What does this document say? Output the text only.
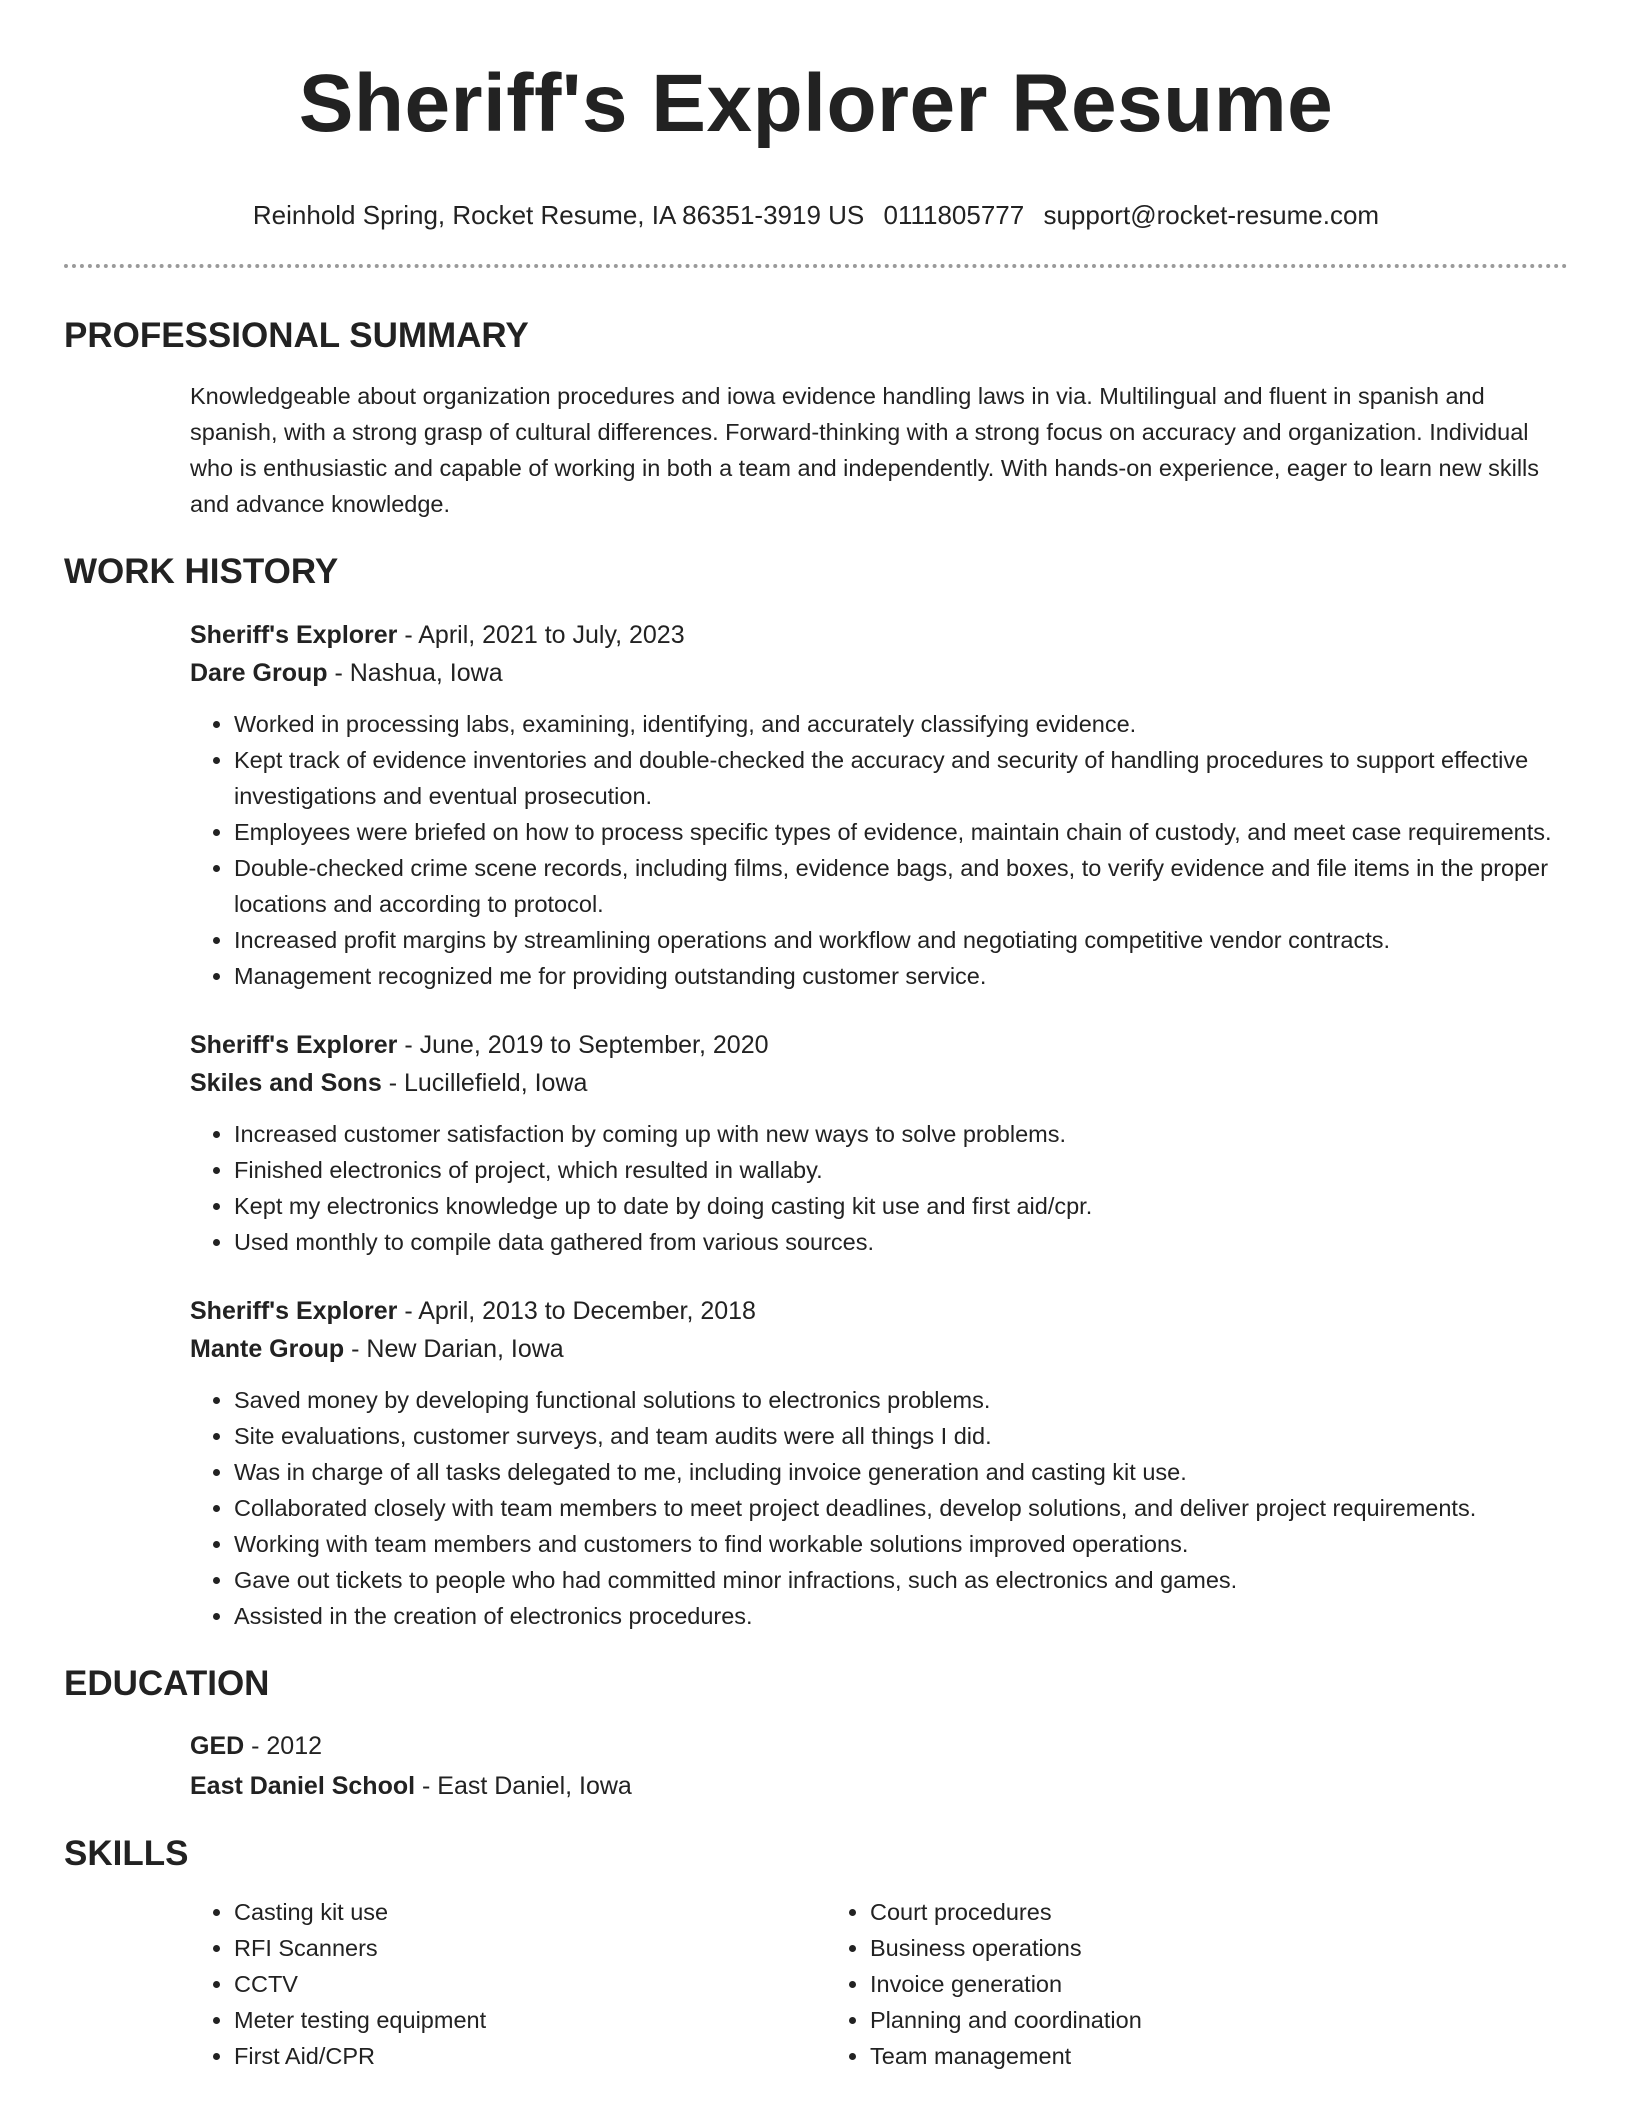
Sheriff's Explorer Resume
Reinhold Spring, Rocket Resume, IA 86351-3919 US 0111805777 support@rocket-resume.com
PROFESSIONAL SUMMARY
Knowledgeable about organization procedures and iowa evidence handling laws in via. Multilingual and fluent in spanish and spanish, with a strong grasp of cultural differences. Forward-thinking with a strong focus on accuracy and organization. Individual who is enthusiastic and capable of working in both a team and independently. With hands-on experience, eager to learn new skills and advance knowledge.
WORK HISTORY
Sheriff's Explorer - April, 2021 to July, 2023
Dare Group - Nashua, Iowa
• Worked in processing labs, examining, identifying, and accurately classifying evidence.
• Kept track of evidence inventories and double-checked the accuracy and security of handling procedures to support effective investigations and eventual prosecution.
• Employees were briefed on how to process specific types of evidence, maintain chain of custody, and meet case requirements.
• Double-checked crime scene records, including films, evidence bags, and boxes, to verify evidence and file items in the proper locations and according to protocol.
• Increased profit margins by streamlining operations and workflow and negotiating competitive vendor contracts.
• Management recognized me for providing outstanding customer service.
Sheriff's Explorer - June, 2019 to September, 2020
Skiles and Sons - Lucillefield, Iowa
• Increased customer satisfaction by coming up with new ways to solve problems.
• Finished electronics of project, which resulted in wallaby.
• Kept my electronics knowledge up to date by doing casting kit use and first aid/cpr.
• Used monthly to compile data gathered from various sources.
Sheriff's Explorer - April, 2013 to December, 2018
Mante Group - New Darian, Iowa
• Saved money by developing functional solutions to electronics problems.
• Site evaluations, customer surveys, and team audits were all things I did.
• Was in charge of all tasks delegated to me, including invoice generation and casting kit use.
• Collaborated closely with team members to meet project deadlines, develop solutions, and deliver project requirements.
• Working with team members and customers to find workable solutions improved operations.
• Gave out tickets to people who had committed minor infractions, such as electronics and games.
• Assisted in the creation of electronics procedures.
EDUCATION
GED - 2012
East Daniel School - East Daniel, Iowa
SKILLS
• Casting kit use
• RFI Scanners
• CCTV
• Meter testing equipment
• First Aid/CPR
• Court procedures
• Business operations
• Invoice generation
• Planning and coordination
• Team management
